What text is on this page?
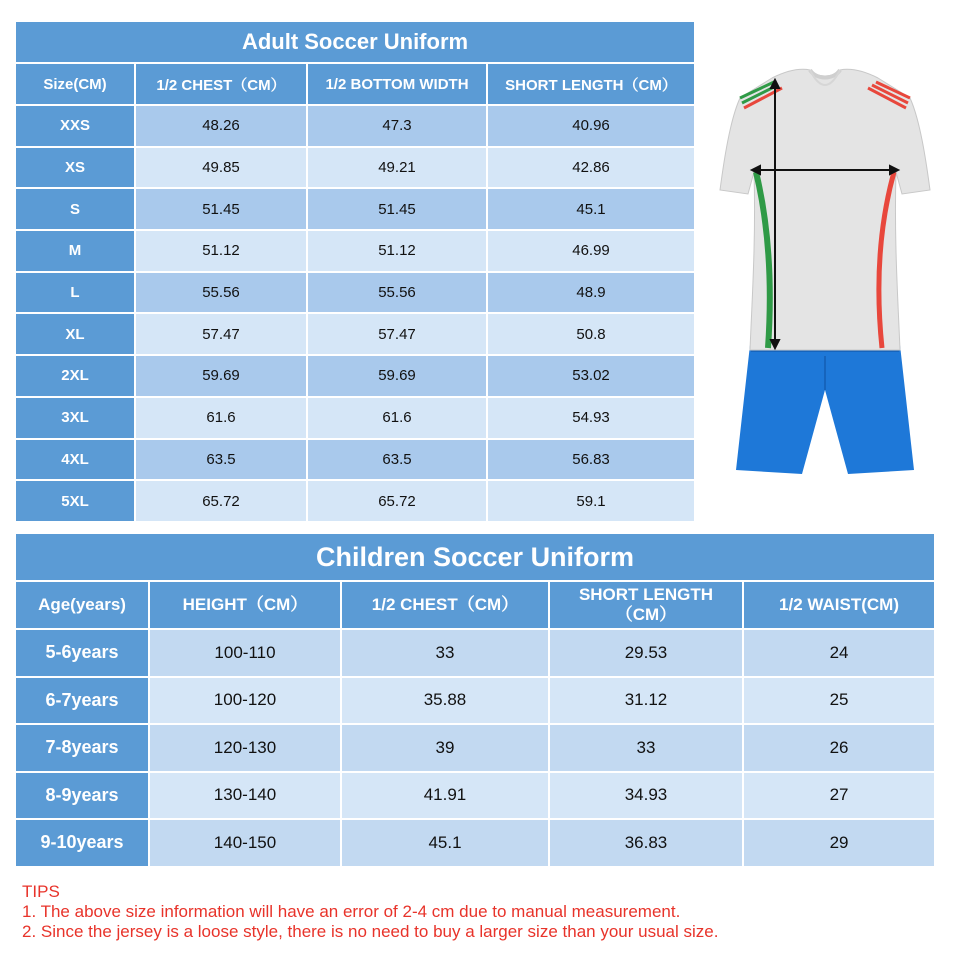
Adult Soccer Uniform			
Size(CM)	1/2 CHEST（CM）	1/2 BOTTOM WIDTH	SHORT LENGTH（CM）
XXS	48.26	47.3	40.96
XS	49.85	49.21	42.86
S	51.45	51.45	45.1
M	51.12	51.12	46.99
L	55.56	55.56	48.9
XL	57.47	57.47	50.8
2XL	59.69	59.69	53.02
3XL	61.6	61.6	54.93
4XL	63.5	63.5	56.83
5XL	65.72	65.72	59.1
Children Soccer Uniform				
Age(years)	HEIGHT（CM）	1/2 CHEST（CM）	SHORT LENGTH（CM）	1/2 WAIST(CM)
5-6years	100-110	33	29.53	24
6-7years	100-120	35.88	31.12	25
7-8years	120-130	39	33	26
8-9years	130-140	41.91	34.93	27
9-10years	140-150	45.1	36.83	29
TIPS
1. The above size information will have an error of 2-4 cm due to manual measurement.
2. Since the jersey is a loose style, there is no need to buy a larger size than your usual size.
